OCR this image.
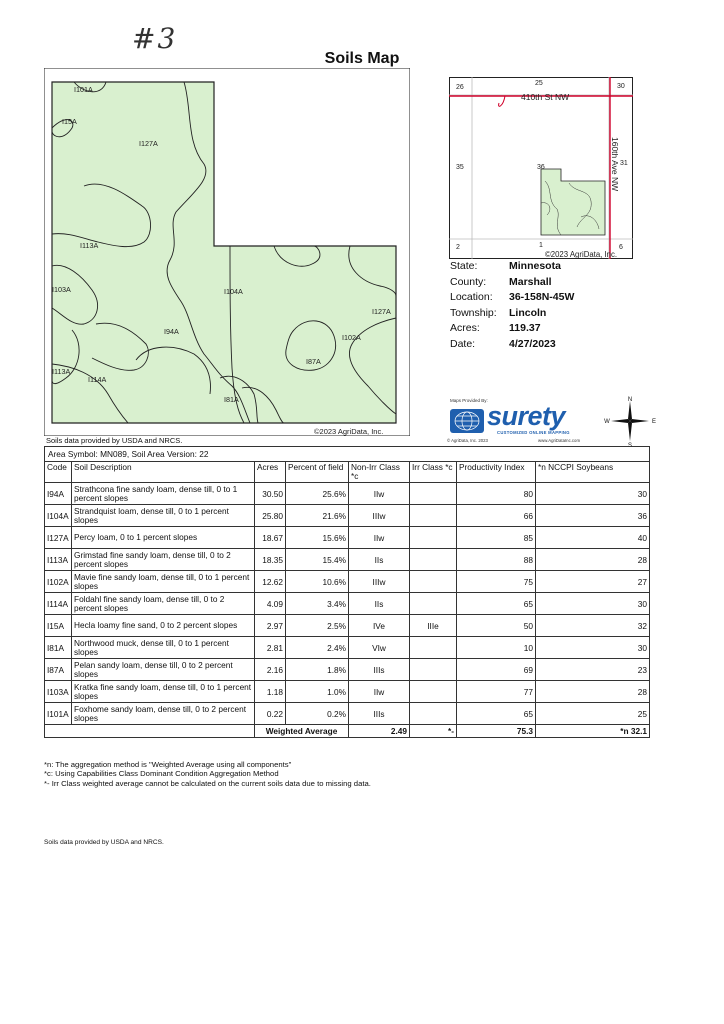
#3
Soils Map
I101A
I15A
I127A
I113A
I103A	I104A
I94A
I127A
I102A
I87A
I113A
I114A
I81A
©2023 AgriData, Inc.
Soils data provided by USDA and NRCS.
26
25	30
35	36
31
2	1	6
410th St NW
160th Ave NW
©2023 AgriData, Inc.
State:	Minnesota
County:	Marshall
Location:	36-158N-45W
Township:	Lincoln
Acres:	119.37
Date:	4/27/2023
Maps Provided By:
surety
CUSTOMIZED ONLINE MAPPING
© AgriData, Inc. 2023	www.AgriDataInc.com
N
S
E
W
Area Symbol: MN089, Soil Area Version: 22							
Code	Soil Description	Acres	Percent of field	Non-Irr Class *c	Irr Class *c	Productivity Index	*n NCCPI Soybeans
I94A	Strathcona fine sandy loam, dense till, 0 to 1 percent slopes	30.50	25.6%	IIw		80	30
I104A	Strandquist loam, dense till, 0 to 1 percent slopes	25.80	21.6%	IIIw		66	36
I127A	Percy loam, 0 to 1 percent slopes	18.67	15.6%	IIw		85	40
I113A	Grimstad fine sandy loam, dense till, 0 to 2 percent slopes	18.35	15.4%	IIs		88	28
I102A	Mavie fine sandy loam, dense till, 0 to 1 percent slopes	12.62	10.6%	IIIw		75	27
I114A	Foldahl fine sandy loam, dense till, 0 to 2 percent slopes	4.09	3.4%	IIs		65	30
I15A	Hecla loamy fine sand, 0 to 2 percent slopes	2.97	2.5%	IVe	IIIe	50	32
I81A	Northwood muck, dense till, 0 to 1 percent slopes	2.81	2.4%	VIw		10	30
I87A	Pelan sandy loam, dense till, 0 to 2 percent slopes	2.16	1.8%	IIIs		69	23
I103A	Kratka fine sandy loam, dense till, 0 to 1 percent slopes	1.18	1.0%	IIw		77	28
I101A	Foxhome sandy loam, dense till, 0 to 2 percent slopes	0.22	0.2%	IIIs		65	25
		Weighted Average		2.49	*-	75.3	*n 32.1
*n: The aggregation method is "Weighted Average using all components"
*c: Using Capabilities Class Dominant Condition Aggregation Method
*- Irr Class weighted average cannot be calculated on the current soils data due to missing data.
Soils data provided by USDA and NRCS.
